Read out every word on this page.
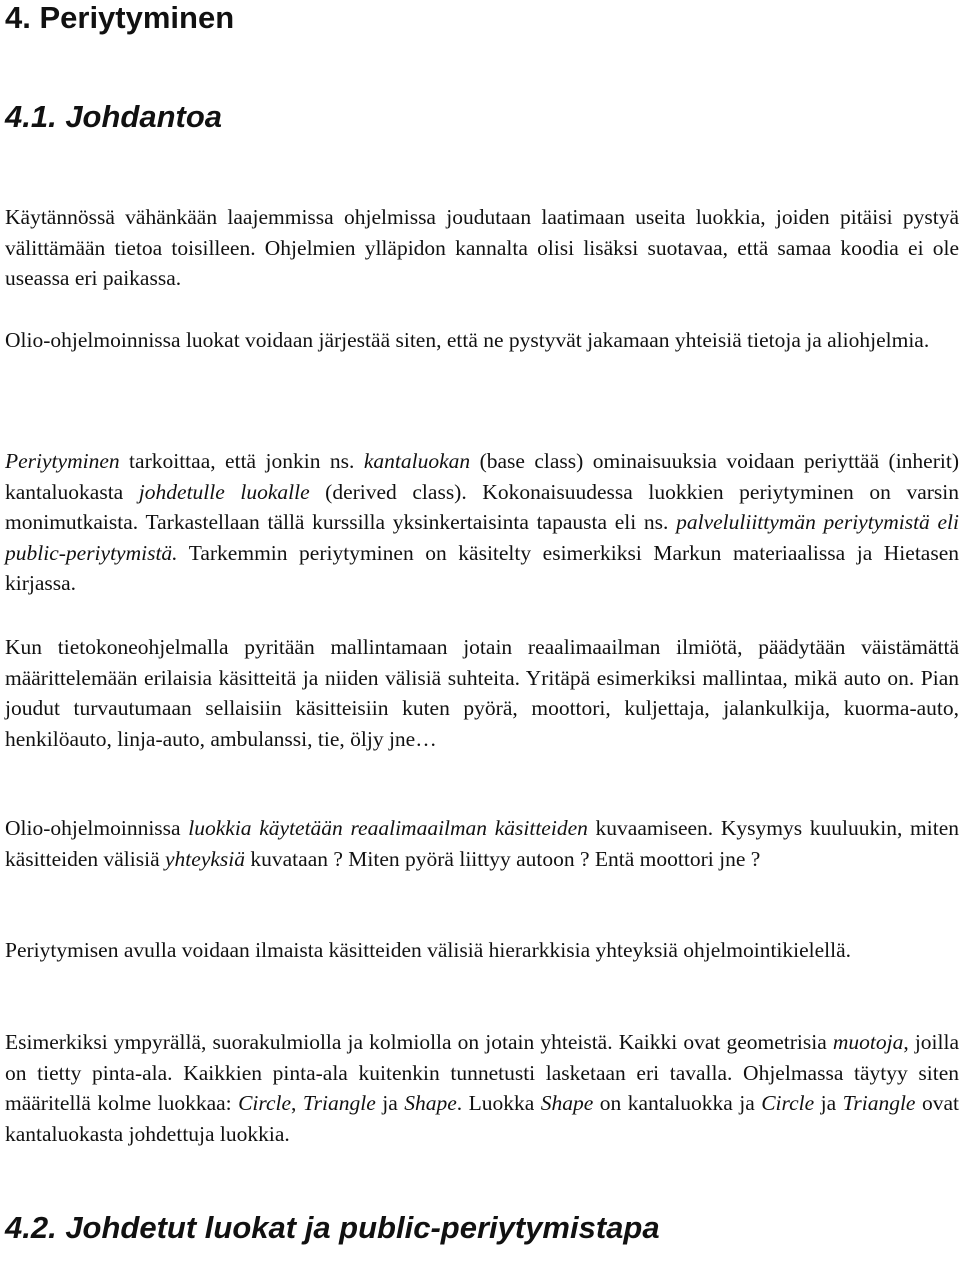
4. Periytyminen
4.1. Johdantoa

Käytännössä vähänkään laajemmissa ohjelmissa joudutaan laatimaan useita luokkia, joiden pitäisi pystyä välittämään tietoa toisilleen. Ohjelmien ylläpidon kannalta olisi lisäksi suotavaa, että samaa koodia ei ole useassa eri paikassa.

Olio-ohjelmoinnissa luokat voidaan järjestää siten, että ne pystyvät jakamaan yhteisiä tietoja ja aliohjelmia.

Periytyminen tarkoittaa, että jonkin ns. kantaluokan (base class) ominaisuuksia voidaan periyttää (inherit) kantaluokasta johdetulle luokalle (derived class). Kokonaisuudessa luokkien periytyminen on varsin monimutkaista. Tarkastellaan tällä kurssilla yksinkertaisinta tapausta eli ns. palveluliittymän periytymistä eli public-periytymistä. Tarkemmin periytyminen on käsitelty esimerkiksi Markun materiaalissa ja Hietasen kirjassa.

Kun tietokoneohjelmalla pyritään mallintamaan jotain reaalimaailman ilmiötä, päädytään väistämättä määrittelemään erilaisia käsitteitä ja niiden välisiä suhteita. Yritäpä esimerkiksi mallintaa, mikä auto on. Pian joudut turvautumaan sellaisiin käsitteisiin kuten pyörä, moottori, kuljettaja, jalankulkija, kuorma-auto, henkilöauto, linja-auto, ambulanssi, tie, öljy jne…

Olio-ohjelmoinnissa luokkia käytetään reaalimaailman käsitteiden kuvaamiseen. Kysymys kuuluukin, miten käsitteiden välisiä yhteyksiä kuvataan ? Miten pyörä liittyy autoon ? Entä moottori jne ?

Periytymisen avulla voidaan ilmaista käsitteiden välisiä hierarkkisia yhteyksiä ohjelmointikielellä.

Esimerkiksi ympyrällä, suorakulmiolla ja kolmiolla on jotain yhteistä. Kaikki ovat geometrisia muotoja, joilla on tietty pinta-ala. Kaikkien pinta-ala kuitenkin tunnetusti lasketaan eri tavalla. Ohjelmassa täytyy siten määritellä kolme luokkaa: Circle, Triangle ja Shape. Luokka Shape on kantaluokka ja Circle ja Triangle ovat kantaluokasta johdettuja luokkia.

4.2. Johdetut luokat ja public-periytymistapa
